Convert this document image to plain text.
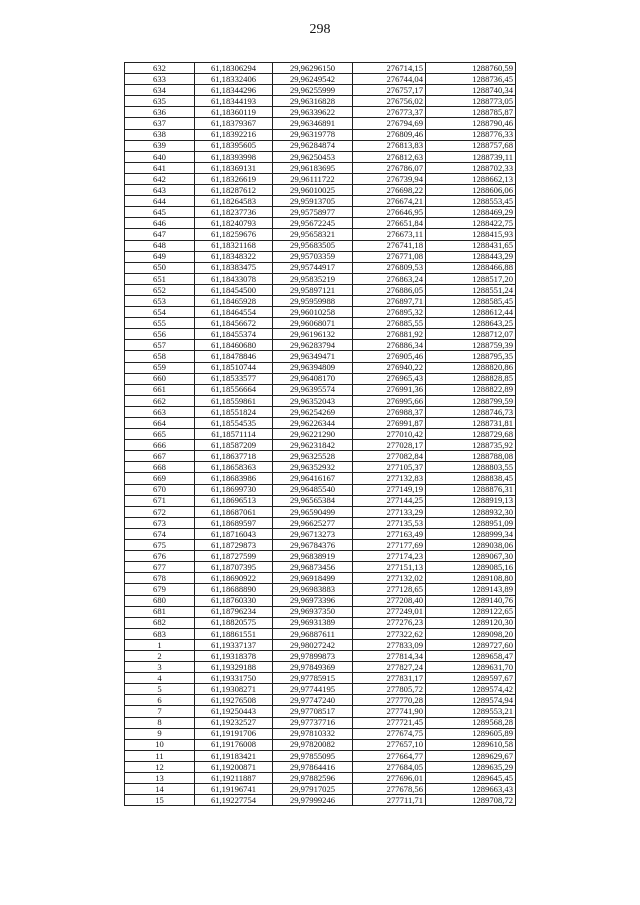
298
632	61,18306294	29,96296150	276714,15	1288760,59
633	61,18332406	29,96249542	276744,04	1288736,45
634	61,18344296	29,96255999	276757,17	1288740,34
635	61,18344193	29,96316828	276756,02	1288773,05
636	61,18360119	29,96339622	276773,37	1288785,87
637	61,18379367	29,96346891	276794,69	1288790,46
638	61,18392216	29,96319778	276809,46	1288776,33
639	61,18395605	29,96284874	276813,83	1288757,68
640	61,18393998	29,96250453	276812,63	1288739,11
641	61,18369131	29,96183695	276786,07	1288702,33
642	61,18326619	29,96111722	276739,94	1288662,13
643	61,18287612	29,96010025	276698,22	1288606,06
644	61,18264583	29,95913705	276674,21	1288553,45
645	61,18237736	29,95758977	276646,95	1288469,29
646	61,18240793	29,95672245	276651,84	1288422,75
647	61,18259676	29,95658321	276673,11	1288415,93
648	61,18321168	29,95683505	276741,18	1288431,65
649	61,18348322	29,95703359	276771,08	1288443,29
650	61,18383475	29,95744917	276809,53	1288466,88
651	61,18433078	29,95835219	276863,24	1288517,20
652	61,18454500	29,95897121	276886,05	1288551,24
653	61,18465928	29,95959988	276897,71	1288585,45
654	61,18464554	29,96010258	276895,32	1288612,44
655	61,18456672	29,96068071	276885,55	1288643,25
656	61,18455374	29,96196132	276881,92	1288712,07
657	61,18460680	29,96283794	276886,34	1288759,39
658	61,18478846	29,96349471	276905,46	1288795,35
659	61,18510744	29,96394809	276940,22	1288820,86
660	61,18533577	29,96408170	276965,43	1288828,85
661	61,18556664	29,96395574	276991,36	1288822,89
662	61,18559861	29,96352043	276995,66	1288799,59
663	61,18551824	29,96254269	276988,37	1288746,73
664	61,18554535	29,96226344	276991,87	1288731,81
665	61,18571114	29,96221290	277010,42	1288729,68
666	61,18587209	29,96231842	277028,17	1288735,92
667	61,18637718	29,96325528	277082,84	1288788,08
668	61,18658363	29,96352932	277105,37	1288803,55
669	61,18683986	29,96416167	277132,83	1288838,45
670	61,18699730	29,96485540	277149,19	1288876,31
671	61,18696513	29,96565384	277144,25	1288919,13
672	61,18687061	29,96590499	277133,29	1288932,30
673	61,18689597	29,96625277	277135,53	1288951,09
674	61,18716043	29,96713273	277163,49	1288999,34
675	61,18729873	29,96784376	277177,69	1289038,06
676	61,18727599	29,96838919	277174,23	1289067,30
677	61,18707395	29,96873456	277151,13	1289085,16
678	61,18690922	29,96918499	277132,02	1289108,80
679	61,18688890	29,96983883	277128,65	1289143,89
680	61,18760330	29,96973396	277208,40	1289140,76
681	61,18796234	29,96937350	277249,01	1289122,65
682	61,18820575	29,96931389	277276,23	1289120,30
683	61,18861551	29,96887611	277322,62	1289098,20
1	61,19337137	29,98027242	277833,09	1289727,60
2	61,19318378	29,97899873	277814,34	1289658,47
3	61,19329188	29,97849369	277827,24	1289631,70
4	61,19331750	29,97785915	277831,17	1289597,67
5	61,19308271	29,97744195	277805,72	1289574,42
6	61,19276508	29,97747240	277770,28	1289574,94
7	61,19250443	29,97708517	277741,90	1289553,21
8	61,19232527	29,97737716	277721,45	1289568,28
9	61,19191706	29,97810332	277674,75	1289605,89
10	61,19176008	29,97820082	277657,10	1289610,58
11	61,19183421	29,97855095	277664,77	1289629,67
12	61,19200871	29,97864416	277684,05	1289635,29
13	61,19211887	29,97882596	277696,01	1289645,45
14	61,19196741	29,97917025	277678,56	1289663,43
15	61,19227754	29,97999246	277711,71	1289708,72
